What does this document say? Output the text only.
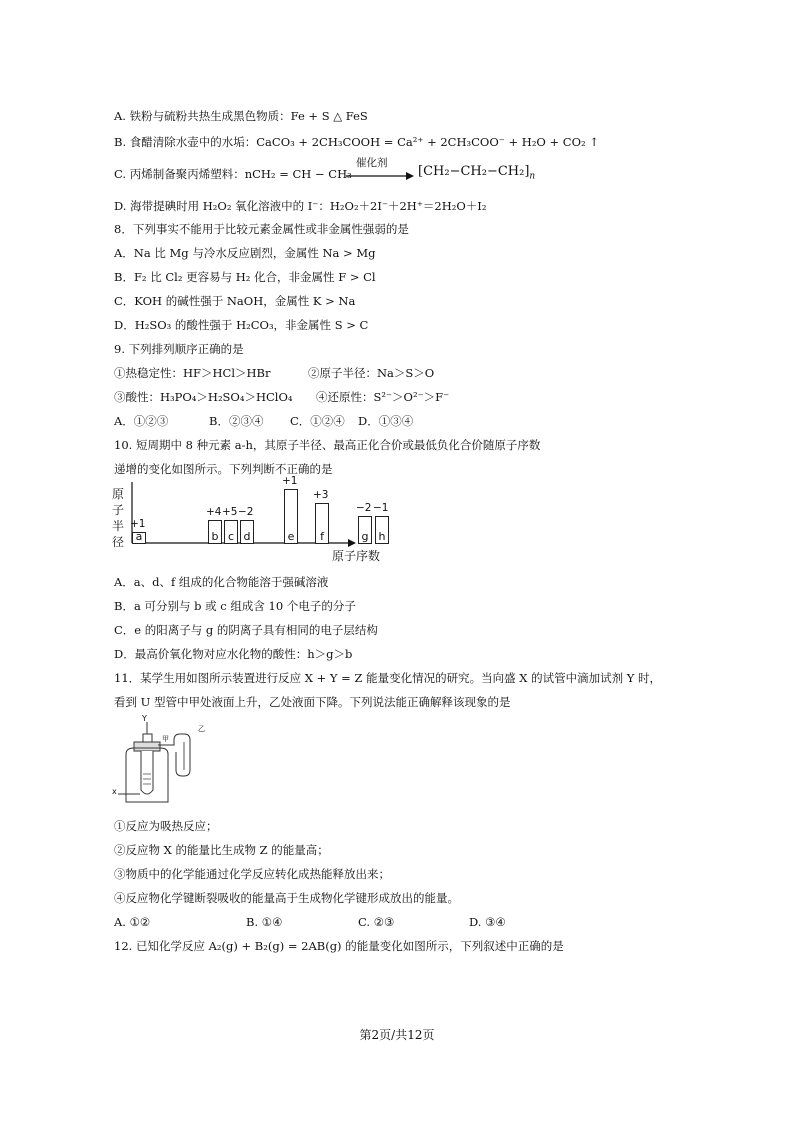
A. 铁粉与硫粉共热生成黑色物质：Fe + S △ FeS
B. 食醋清除水壶中的水垢：CaCO₃ + 2CH₃COOH = Ca²⁺ + 2CH₃COO⁻ + H₂O + CO₂ ↑
C. 丙烯制备聚丙烯塑料：nCH₂ = CH − CH₃
催化剂
$[CH_2-CH_2-CH_2]_n$
D. 海带提碘时用 H₂O₂ 氧化溶液中的 I⁻：H₂O₂＋2I⁻＋2H⁺＝2H₂O＋I₂
8．下列事实不能用于比较元素金属性或非金属性强弱的是
A．Na 比 Mg 与冷水反应剧烈，金属性 Na > Mg
B．F₂ 比 Cl₂ 更容易与 H₂ 化合，非金属性 F > Cl
C．KOH 的碱性强于 NaOH，金属性 K > Na
D．H₂SO₃ 的酸性强于 H₂CO₃，非金属性 S > C
9. 下列排列顺序正确的是
①热稳定性：HF＞HCl＞HBr	②原子半径：Na＞S＞O
③酸性：H₃PO₄＞H₂SO₄＞HClO₄ ④还原性：S²⁻＞O²⁻＞F⁻
A．①②③	B．②③④ C．①②④ D．①③④
10. 短周期中 8 种元素 a-h，其原子半径、最高正化合价或最低负化合价随原子序数
递增的变化如图所示。下列判断不正确的是
原子半径 a
+1
b
+4
c
+5
d
−2
e
+1
f
+3
g
−2
h
−1
原子序数
A．a、d、f 组成的化合物能溶于强碱溶液
B．a 可分别与 b 或 c 组成含 10 个电子的分子
C．e 的阳离子与 g 的阴离子具有相同的电子层结构
D．最高价氧化物对应水化物的酸性：h＞g＞b
11．某学生用如图所示装置进行反应 X + Y = Z 能量变化情况的研究。当向盛 X 的试管中滴加试剂 Y 时，
看到 U 型管中甲处液面上升，乙处液面下降。下列说法能正确解释该现象的是
Y
x
甲
乙
①反应为吸热反应；
②反应物 X 的能量比生成物 Z 的能量高；
③物质中的化学能通过化学反应转化成热能释放出来；
④反应物化学键断裂吸收的能量高于生成物化学键形成放出的能量。
A. ①②	B. ①④	C. ②③	D. ③④
12. 已知化学反应 A₂(g) + B₂(g) = 2AB(g) 的能量变化如图所示，下列叙述中正确的是
第2页/共12页
